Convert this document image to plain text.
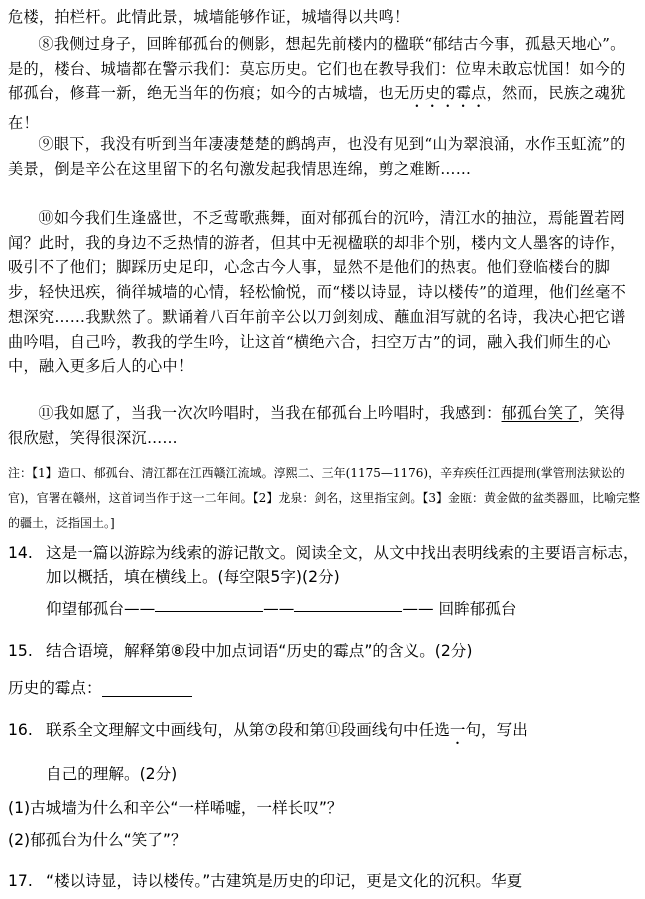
危楼，拍栏杆。此情此景，城墙能够作证，城墙得以共鸣！

⑧我侧过身子，回眸郁孤台的侧影，想起先前楼内的楹联“郁结古今事，孤悬天地心”。是的，楼台、城墙都在警示我们：莫忘历史。它们也在教导我们：位卑未敢忘忧国！如今的郁孤台，修葺一新，绝无当年的伤痕；如今的古城墙，也无历史的霉点，然而，民族之魂犹在！

⑨眼下，我没有听到当年凄凄楚楚的鹧鸪声，也没有见到“山为翠浪涌，水作玉虹流”的美景，倒是辛公在这里留下的名句激发起我情思连绵，剪之难断……

⑩如今我们生逢盛世，不乏莺歌燕舞，面对郁孤台的沉吟，清江水的抽泣，焉能置若罔闻？此时，我的身边不乏热情的游者，但其中无视楹联的却非个别，楼内文人墨客的诗作，吸引不了他们；脚踩历史足印，心念古今人事，显然不是他们的热衷。他们登临楼台的脚步，轻快迅疾，徜徉城墙的心情，轻松愉悦，而“楼以诗显，诗以楼传”的道理，他们丝毫不想深究……我默然了。默诵着八百年前辛公以刀剑刻成、蘸血泪写就的名诗，我决心把它谱曲吟唱，自己吟，教我的学生吟，让这首“横绝六合，扫空万古”的词，融入我们师生的心中，融入更多后人的心中！

⑪我如愿了，当我一次次吟唱时，当我在郁孤台上吟唱时，我感到：郁孤台笑了，笑得很欣慰，笑得很深沉……

注：【1】造口、郁孤台、清江都在江西赣江流域。淳熙二、三年(1175—1176)，辛弃疾任江西提刑(掌管刑法狱讼的官)，官署在赣州，这首词当作于这一二年间。【2】龙泉：剑名，这里指宝剑。【3】金瓯：黄金做的盆类器皿，比喻完整的疆土，泛指国土。]

14. 这是一篇以游踪为线索的游记散文。阅读全文，从文中找出表明线索的主要语言标志，加以概括，填在横线上。(每空限5字)(2分)
仰望郁孤台——	——	—— 回眸郁孤台
15. 结合语境，解释第⑧段中加点词语“历史的霉点”的含义。(2分)
历史的霉点：
16. 联系全文理解文中画线句，从第⑦段和第⑪段画线句中任选一句，写出
自己的理解。(2分)
(1)古城墙为什么和辛公“一样唏嘘，一样长叹”？
(2)郁孤台为什么“笑了”？
17. “楼以诗显，诗以楼传。”古建筑是历史的印记，更是文化的沉积。华夏
